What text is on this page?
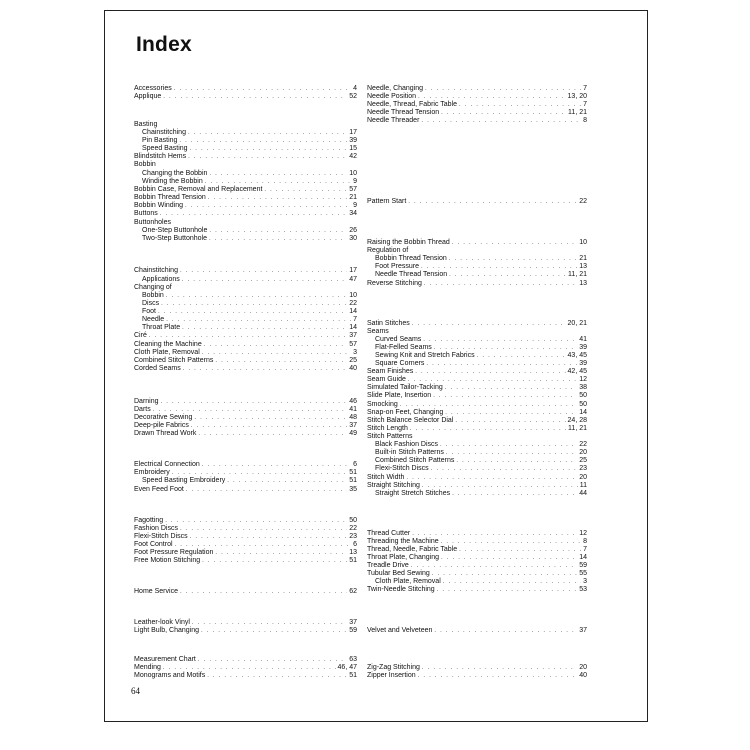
Index
Accessories . . .	4
Applique . . .	52
Basting
Chainstitching . . .	17
Pin Basting . . .	39
Speed Basting . . .	15
Blindstitch Hems . . .	42
Bobbin
Changing the Bobbin . . .	10
Winding the Bobbin . . .	9
Bobbin Case, Removal and Replacement . . .	57
Bobbin Thread Tension . . .	21
Bobbin Winding . . .	9
Buttons . . .	34
Buttonholes
One-Step Buttonhole . . .	26
Two-Step Buttonhole . . .	30
Chainstitching . . .	17
Applications . . .	47
Changing of
Bobbin . . .	10
Discs . . .	22
Foot . . .	14
Needle . . .	7
Throat Plate . . .	14
Ciré . . .	37
Cleaning the Machine . . .	57
Cloth Plate, Removal . . .	3
Combined Stitch Patterns . . .	25
Corded Seams . . .	40
Darning . . .	46
Darts . . .	41
Decorative Sewing . . .	48
Deep-pile Fabrics . . .	37
Drawn Thread Work . . .	49
Electrical Connection . . .	6
Embroidery . . .	51
Speed Basting Embroidery . . .	51
Even Feed Foot . . .	35
Fagotting . . .	50
Fashion Discs . . .	22
Flexi-Stitch Discs . . .	23
Foot Control . . .	6
Foot Pressure Regulation . . .	13
Free Motion Stitching . . .	51
Home Service . . .	62
Leather-look Vinyl . . .	37
Light Bulb, Changing . . .	59
Measurement Chart . . .	63
Mending . . .	46, 47
Monograms and Motifs . . .	51
Needle, Changing . . .	7
Needle Position . . .	13, 20
Needle, Thread, Fabric Table . . .	7
Needle Thread Tension . . .	11, 21
Needle Threader . . .	8
Pattern Start . . .	22
Raising the Bobbin Thread . . .	10
Regulation of
Bobbin Thread Tension . . .	21
Foot Pressure . . .	13
Needle Thread Tension . . .	11, 21
Reverse Stitching . . .	13
Satin Stitches . . .	20, 21
Seams
Curved Seams . . .	41
Flat-Felled Seams . . .	39
Sewing Knit and Stretch Fabrics . . .	43, 45
Square Corners . . .	39
Seam Finishes . . .	42, 45
Seam Guide . . .	12
Simulated Tailor-Tacking . . .	38
Slide Plate, Insertion . . .	50
Smocking . . .	50
Snap-on Feet, Changing . . .	14
Stitch Balance Selector Dial . . .	24, 28
Stitch Length . . .	11, 21
Stitch Patterns
Black Fashion Discs . . .	22
Built-in Stitch Patterns . . .	20
Combined Stitch Patterns . . .	25
Flexi-Stitch Discs . . .	23
Stitch Width . . .	20
Straight Stitching . . .	11
Straight Stretch Stitches . . .	44
Thread Cutter . . .	12
Threading the Machine . . .	8
Thread, Needle, Fabric Table . . .	7
Throat Plate, Changing . . .	14
Treadle Drive . . .	59
Tubular Bed Sewing . . .	55
Cloth Plate, Removal . . .	3
Twin-Needle Stitching . . .	53
Velvet and Velveteen . . .	37
Zig-Zag Stitching . . .	20
Zipper Insertion . . .	40
64
